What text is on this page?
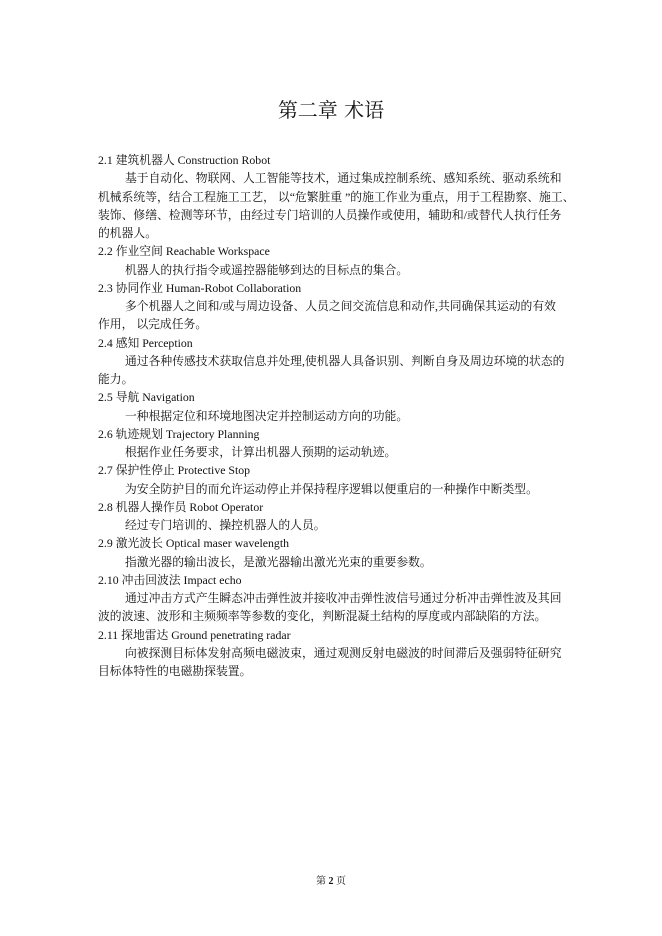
第二章 术语
2.1 建筑机器人 Construction Robot
基于自动化、物联网、人工智能等技术，通过集成控制系统、感知系统、驱动系统和
机械系统等，结合工程施工工艺， 以“危繁脏重 ”的施工作业为重点，用于工程勘察、施工、
装饰、修缮、检测等环节，由经过专门培训的人员操作或使用，辅助和/或替代人执行任务
的机器人。
2.2 作业空间 Reachable Workspace
机器人的执行指令或遥控器能够到达的目标点的集合。
2.3 协同作业 Human-Robot Collaboration
多个机器人之间和/或与周边设备、人员之间交流信息和动作,共同确保其运动的有效
作用， 以完成任务。
2.4 感知 Perception
通过各种传感技术获取信息并处理,使机器人具备识别、判断自身及周边环境的状态的
能力。
2.5 导航 Navigation
一种根据定位和环境地图决定并控制运动方向的功能。
2.6 轨迹规划 Trajectory Planning
根据作业任务要求，计算出机器人预期的运动轨迹。
2.7 保护性停止 Protective Stop
为安全防护目的而允许运动停止并保持程序逻辑以便重启的一种操作中断类型。
2.8 机器人操作员 Robot Operator
经过专门培训的、操控机器人的人员。
2.9 激光波长 Optical maser wavelength
指激光器的输出波长，是激光器输出激光光束的重要参数。
2.10 冲击回波法 Impact echo
通过冲击方式产生瞬态冲击弹性波并接收冲击弹性波信号通过分析冲击弹性波及其回
波的波速、波形和主频频率等参数的变化，判断混凝土结构的厚度或内部缺陷的方法。
2.11 探地雷达 Ground penetrating radar
向被探测目标体发射高频电磁波束，通过观测反射电磁波的时间滞后及强弱特征研究
目标体特性的电磁勘探装置。
第 2 页
